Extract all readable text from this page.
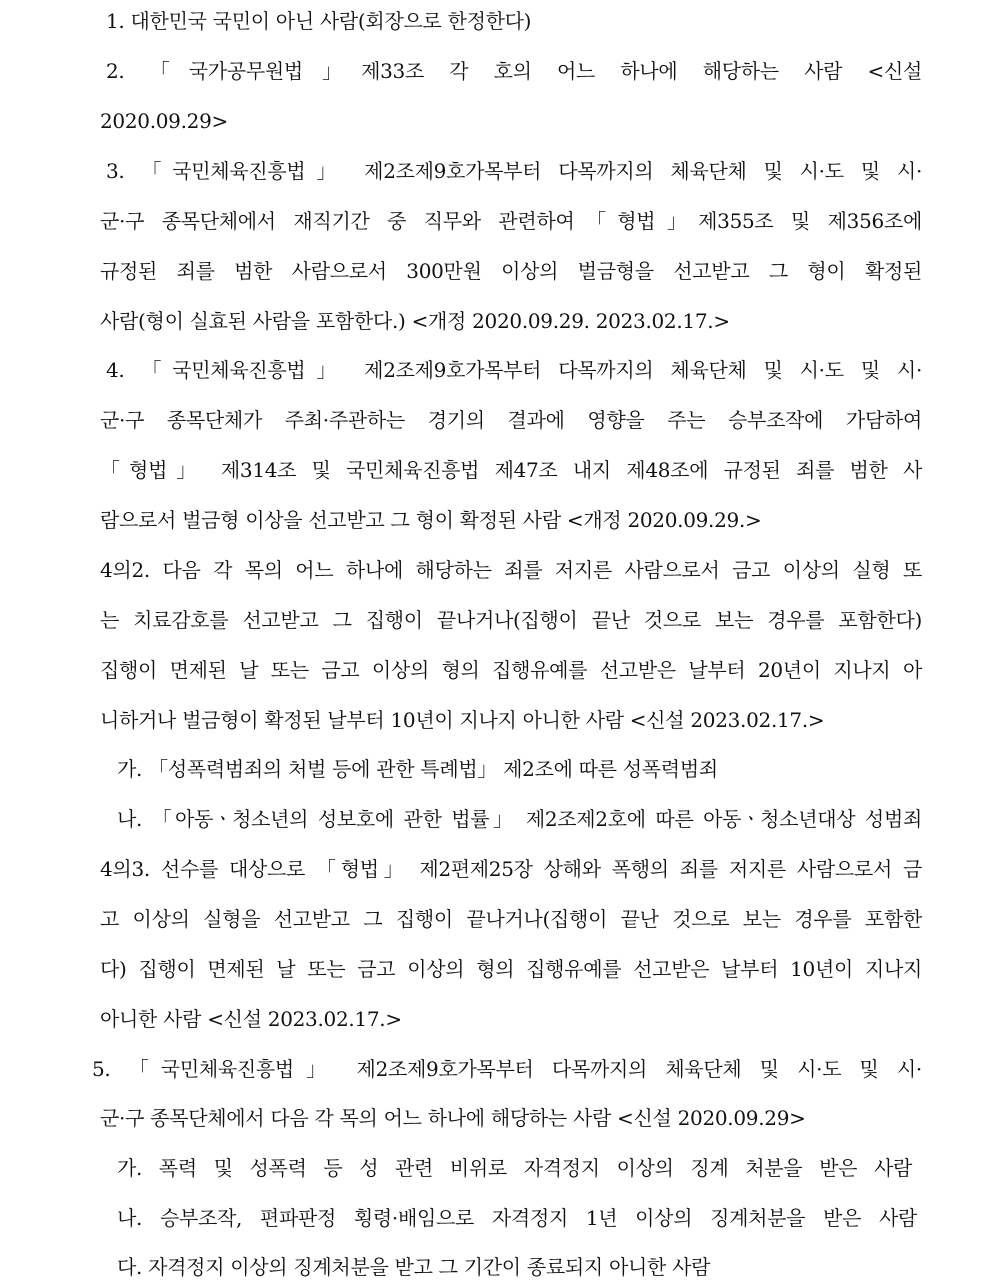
1. 대한민국 국민이 아닌 사람(회장으로 한정한다)
2. 「국가공무원법」제33조 각 호의 어느 하나에 해당하는 사람 <신설
2020.09.29>
3. 「국민체육진흥법」 제2조제9호가목부터 다목까지의 체육단체 및 시·도 및 시·
군·구 종목단체에서 재직기간 중 직무와 관련하여「형법」제355조 및 제356조에
규정된 죄를 범한 사람으로서 300만원 이상의 벌금형을 선고받고 그 형이 확정된
사람(형이 실효된 사람을 포함한다.) <개정 2020.09.29. 2023.02.17.>
4. 「국민체육진흥법」 제2조제9호가목부터 다목까지의 체육단체 및 시·도 및 시·
군·구 종목단체가 주최·주관하는 경기의 결과에 영향을 주는 승부조작에 가담하여
「형법」 제314조 및 국민체육진흥법 제47조 내지 제48조에 규정된 죄를 범한 사
람으로서 벌금형 이상을 선고받고 그 형이 확정된 사람 <개정 2020.09.29.>
4의2. 다음 각 목의 어느 하나에 해당하는 죄를 저지른 사람으로서 금고 이상의 실형 또
는 치료감호를 선고받고 그 집행이 끝나거나(집행이 끝난 것으로 보는 경우를 포함한다)
집행이 면제된 날 또는 금고 이상의 형의 집행유예를 선고받은 날부터 20년이 지나지 아
니하거나 벌금형이 확정된 날부터 10년이 지나지 아니한 사람 <신설 2023.02.17.>
가. 「성폭력범죄의 처벌 등에 관한 특례법」 제2조에 따른 성폭력범죄
나. 「아동ㆍ청소년의 성보호에 관한 법률」 제2조제2호에 따른 아동ㆍ청소년대상 성범죄
4의3. 선수를 대상으로 「형법」 제2편제25장 상해와 폭행의 죄를 저지른 사람으로서 금
고 이상의 실형을 선고받고 그 집행이 끝나거나(집행이 끝난 것으로 보는 경우를 포함한
다) 집행이 면제된 날 또는 금고 이상의 형의 집행유예를 선고받은 날부터 10년이 지나지
아니한 사람 <신설 2023.02.17.>
5. 「국민체육진흥법」 제2조제9호가목부터 다목까지의 체육단체 및 시·도 및 시·
군·구 종목단체에서 다음 각 목의 어느 하나에 해당하는 사람 <신설 2020.09.29>
가. 폭력 및 성폭력 등 성 관련 비위로 자격정지 이상의 징계 처분을 받은 사람
나. 승부조작, 편파판정 횡령·배임으로 자격정지 1년 이상의 징계처분을 받은 사람
다. 자격정지 이상의 징계처분을 받고 그 기간이 종료되지 아니한 사람
